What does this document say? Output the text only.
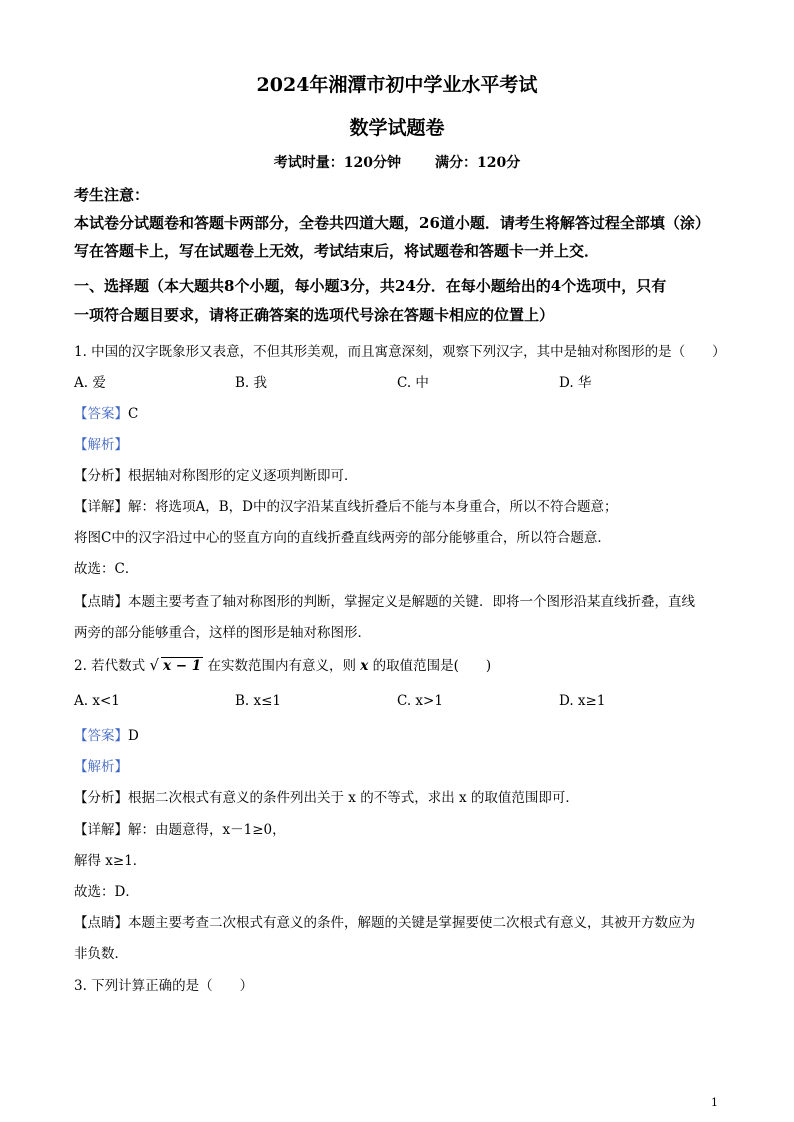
2024年湘潭市初中学业水平考试
数学试题卷
考试时量：120分钟 满分：120分
考生注意：
本试卷分试题卷和答题卡两部分，全卷共四道大题，26道小题．请考生将解答过程全部填（涂）
写在答题卡上，写在试题卷上无效，考试结束后，将试题卷和答题卡一并上交．
一、选择题（本大题共8个小题，每小题3分，共24分．在每小题给出的4个选项中，只有
一项符合题目要求，请将正确答案的选项代号涂在答题卡相应的位置上）
1. 中国的汉字既象形又表意，不但其形美观，而且寓意深刻，观察下列汉字，其中是轴对称图形的是（　　）
A. 爱	B. 我	C. 中	D. 华
【答案】C
【解析】
【分析】根据轴对称图形的定义逐项判断即可．
【详解】解：将选项A，B，D中的汉字沿某直线折叠后不能与本身重合，所以不符合题意；
将图C中的汉字沿过中心的竖直方向的直线折叠直线两旁的部分能够重合，所以符合题意．
故选：C．
【点睛】本题主要考查了轴对称图形的判断，掌握定义是解题的关键．即将一个图形沿某直线折叠，直线
两旁的部分能够重合，这样的图形是轴对称图形．
2. 若代数式 √ x − 1 在实数范围内有意义，则 x 的取值范围是(　　)
A. x<1	B. x≤1	C. x>1	D. x≥1
【答案】D
【解析】
【分析】根据二次根式有意义的条件列出关于 x 的不等式，求出 x 的取值范围即可．
【详解】解：由题意得，x－1≥0，
解得 x≥1．
故选：D．
【点睛】本题主要考查二次根式有意义的条件，解题的关键是掌握要使二次根式有意义，其被开方数应为
非负数．
3. 下列计算正确的是（　　）
1
